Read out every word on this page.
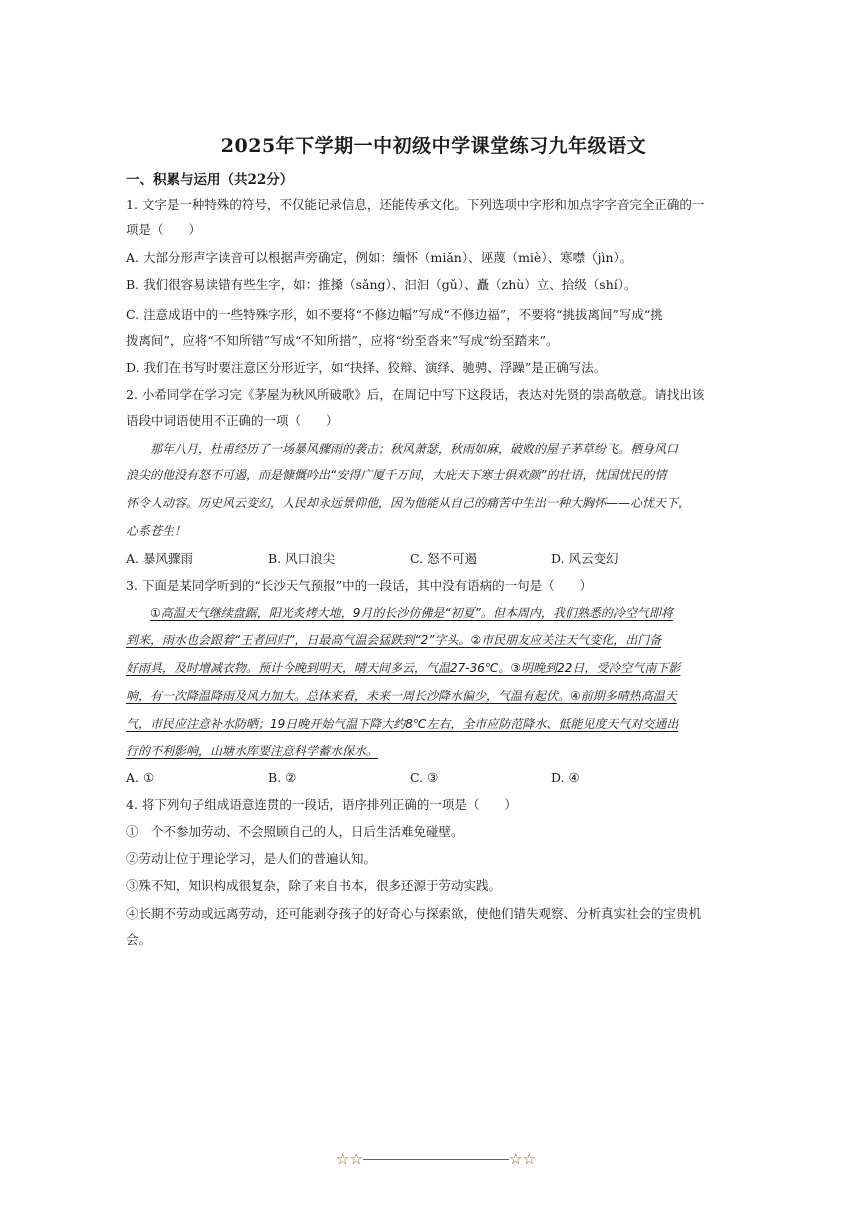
2025年下学期一中初级中学课堂练习九年级语文
一、积累与运用（共22分）
1. 文字是一种特殊的符号，不仅能记录信息，还能传承文化。下列选项中字形和加点字字音完全正确的一
项是（　　）
A. 大部分形声字读音可以根据声旁确定，例如：缅怀（miǎn）、诬蔑（miè）、寒噤（jìn）。
B. 我们很容易读错有些生字，如：推搡（sǎng）、汩汩（gǔ）、矗（zhù）立、拾级（shí）。
C. 注意成语中的一些特殊字形，如不要将“不修边幅”写成“不修边福”，不要将“挑拔离间”写成“挑
拨离间”，应将“不知所错”写成“不知所措”，应将“纷至沓来”写成“纷至踏来”。
D. 我们在书写时要注意区分形近字，如“抉择、狡辩、演绎、驰骋、浮躁”是正确写法。
2. 小希同学在学习完《茅屋为秋风所破歌》后，在周记中写下这段话，表达对先贤的崇高敬意。请找出该
语段中词语使用不正确的一项（　　）
那年八月，杜甫经历了一场暴风骤雨的袭击；秋风萧瑟，秋雨如麻，破败的屋子茅草纷飞。栖身风口
浪尖的他没有怒不可遏，而是慷慨吟出“安得广厦千万间，大庇天下寒士俱欢颜”的壮语，忧国忧民的情
怀令人动容。历史风云变幻，人民却永远景仰他，因为他能从自己的痛苦中生出一种大胸怀——心忧天下，
心系苍生！
A. 暴风骤雨	B. 风口浪尖	C. 怒不可遏	D. 风云变幻
3. 下面是某同学听到的“长沙天气预报”中的一段话，其中没有语病的一句是（　　）
①高温天气继续盘踞，阳光炙烤大地，9月的长沙仿佛是“初夏”。但本周内，我们熟悉的冷空气即将
到来，雨水也会跟着“王者回归”，日最高气温会猛跌到“2”字头。②市民朋友应关注天气变化，出门备
好雨具，及时增减衣物。预计今晚到明天，晴天间多云，气温27-36℃。③明晚到22日，受冷空气南下影
响，有一次降温降雨及风力加大。总体来看，未来一周长沙降水偏少，气温有起伏。④前期多晴热高温天
气，市民应注意补水防晒；19日晚开始气温下降大约8℃左右，全市应防范降水、低能见度天气对交通出
行的不利影响，山塘水库要注意科学蓄水保水。
A. ①	B. ②	C. ③	D. ④
4. 将下列句子组成语意连贯的一段话，语序排列正确的一项是（　　）
①　个不参加劳动、不会照顾自己的人，日后生活难免碰壁。
②劳动让位于理论学习，是人们的普遍认知。
③殊不知，知识构成很复杂，除了来自书本，很多还源于劳动实践。
④长期不劳动或远离劳动，还可能剥夺孩子的好奇心与探索欲，使他们错失观察、分析真实社会的宝贵机
会。
☆☆	☆☆
